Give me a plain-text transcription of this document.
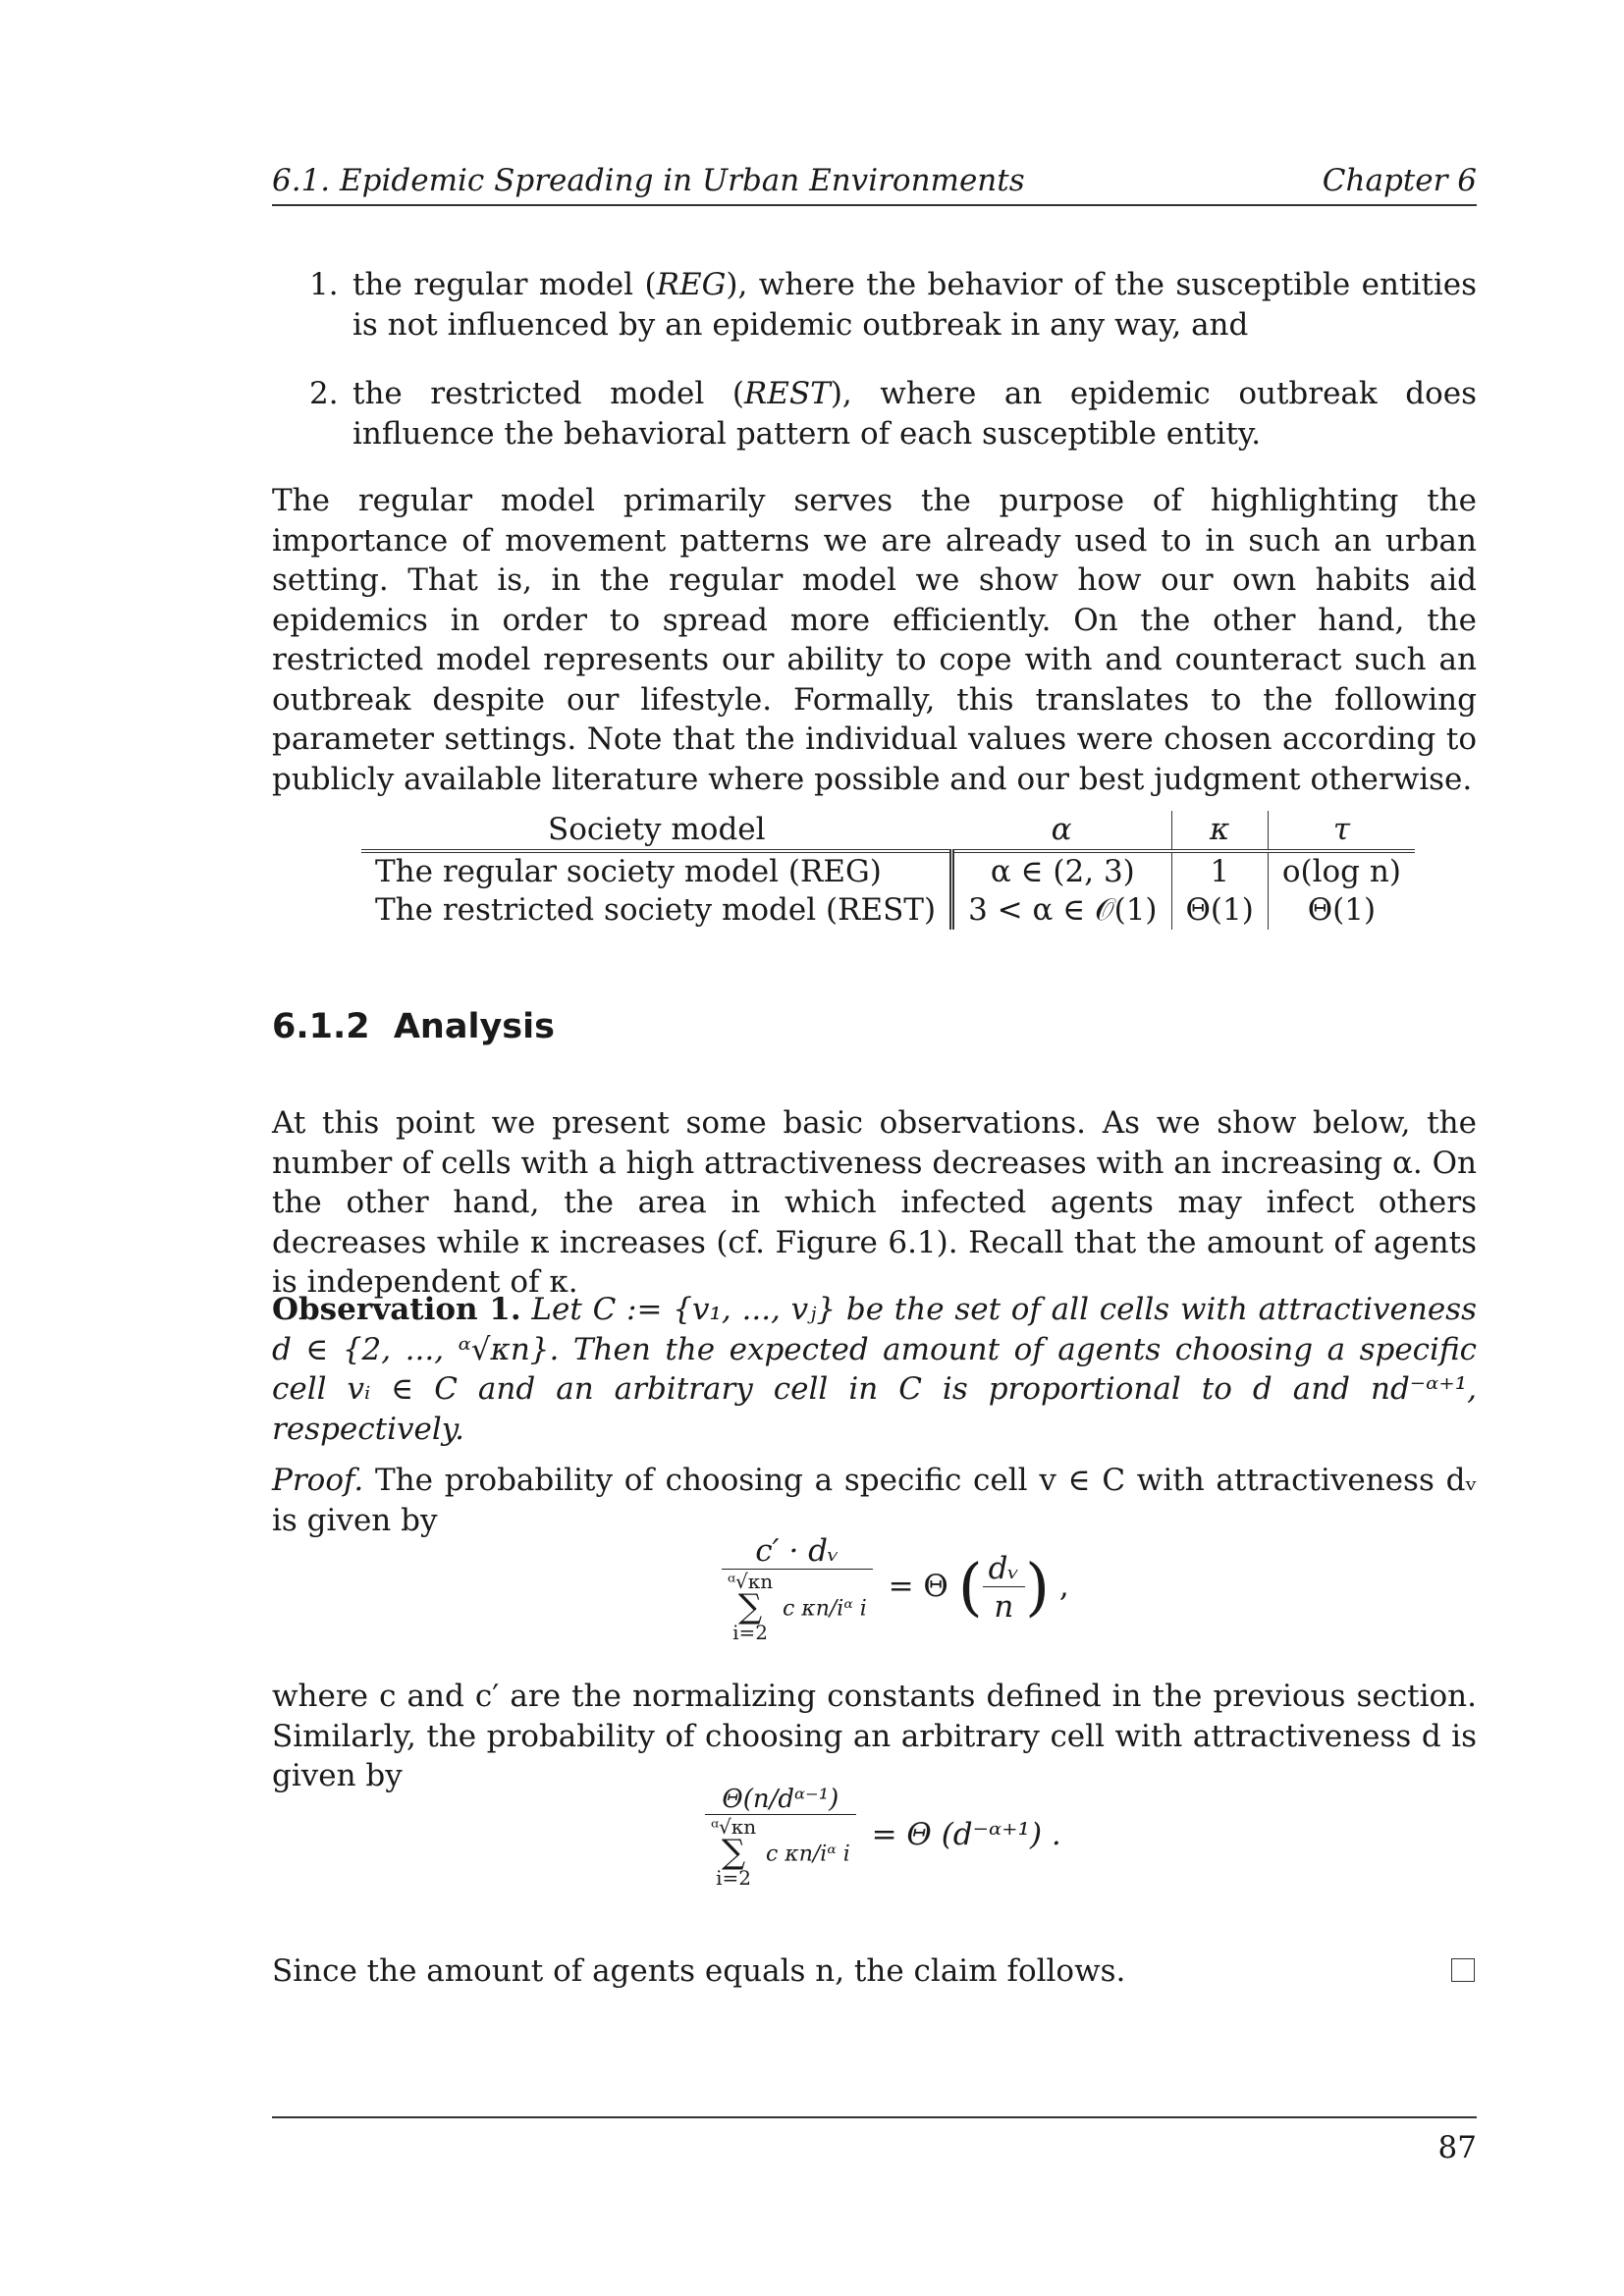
6.1. Epidemic Spreading in Urban Environments	Chapter 6
1. the regular model (REG), where the behavior of the susceptible entities is not influenced by an epidemic outbreak in any way, and
2. the restricted model (REST), where an epidemic outbreak does influence the behavioral pattern of each susceptible entity.
The regular model primarily serves the purpose of highlighting the importance of movement patterns we are already used to in such an urban setting. That is, in the regular model we show how our own habits aid epidemics in order to spread more efficiently. On the other hand, the restricted model represents our ability to cope with and counteract such an outbreak despite our lifestyle. Formally, this translates to the following parameter settings. Note that the individual values were chosen according to publicly available literature where possible and our best judgment otherwise.
Society model	α	κ	τ
The regular society model (REG)	α ∈ (2, 3)	1	o(log n)
The restricted society model (REST)	3 < α ∈ 𝒪(1)	Θ(1)	Θ(1)
6.1.2 Analysis
At this point we present some basic observations. As we show below, the number of cells with a high attractiveness decreases with an increasing α. On the other hand, the area in which infected agents may infect others decreases while κ increases (cf. Figure 6.1). Recall that the amount of agents is independent of κ.
Observation 1. Let C := {v₁, ..., vⱼ} be the set of all cells with attractiveness d ∈ {2, ..., ᵅ√κn}. Then the expected amount of agents choosing a specific cell vᵢ ∈ C and an arbitrary cell in C is proportional to d and nd⁻ᵅ⁺¹, respectively.
Proof. The probability of choosing a specific cell v ∈ C with attractiveness dᵥ is given by
c′ · dᵥ
ᵅ√κn
∑
i=2
c κn/iᵅ i = Θ ( $\frac{\text{dᵥ}}{n}$ ) ,
where c and c′ are the normalizing constants defined in the previous section. Similarly, the probability of choosing an arbitrary cell with attractiveness d is given by
Θ(n/dᵅ⁻¹)
ᵅ√κn
∑
i=2
c κn/iᵅ i = Θ (d⁻ᵅ⁺¹) .
Since the amount of agents equals n, the claim follows.
87
